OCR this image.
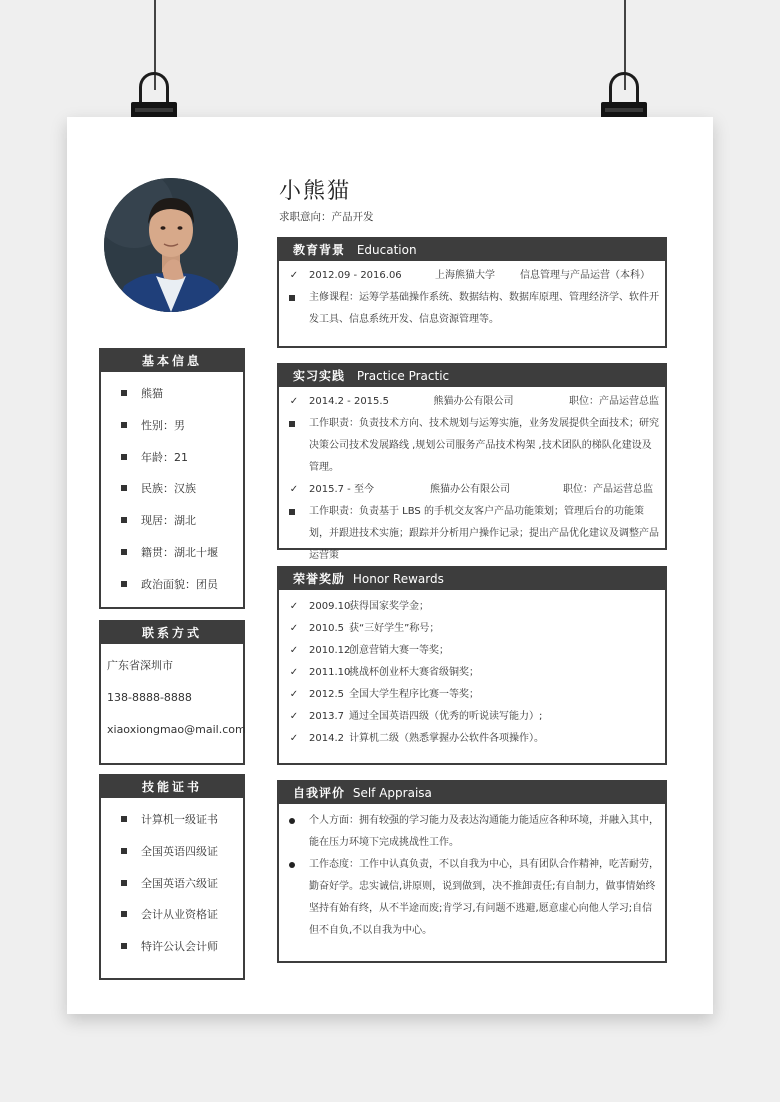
小熊猫
求职意向：产品开发
基本信息
熊猫
性别：男
年龄：21
民族：汉族
现居：湖北
籍贯：湖北十堰
政治面貌：团员
联系方式

广东省深圳市

138-8888-8888

xiaoxiongmao@mail.com

技能证书
计算机一级证书
全国英语四级证
全国英语六级证
会计从业资格证
特许公认会计师
教育背景 Education
✓ 2012.09 - 2016.06	上海熊猫大学	信息管理与产品运营（本科）
主修课程：运筹学基础操作系统、数据结构、数据库原理、管理经济学、软件开发工具、信息系统开发、信息资源管理等。
实习实践 Practice Practic
✓ 2014.2 - 2015.5	熊猫办公有限公司	职位：产品运营总监
工作职责：负责技术方向、技术规划与运筹实施，业务发展提供全面技术；研究决策公司技术发展路线 ,规划公司服务产品技术构架 ,技术团队的梯队化建设及管理。
✓ 2015.7 - 至今	熊猫办公有限公司	职位：产品运营总监
工作职责：负责基于 LBS 的手机交友客户产品功能策划；管理后台的功能策划，并跟进技术实施；跟踪并分析用户操作记录；提出产品优化建议及调整产品运营策
荣誉奖励 Honor Rewards
✓ 2009.10获得国家奖学金；
✓ 2010.5 获“三好学生”称号；
✓ 2010.12创意营销大赛一等奖；
✓ 2011.10挑战杯创业杯大赛省级铜奖；
✓ 2012.5 全国大学生程序比赛一等奖；
✓ 2013.7 通过全国英语四级（优秀的听说读写能力）;
✓ 2014.2 计算机二级（熟悉掌握办公软件各项操作）。
自我评价 Self Appraisa
个人方面：拥有较强的学习能力及表达沟通能力能适应各种环境，并融入其中，能在压力环境下完成挑战性工作。
工作态度：工作中认真负责，不以自我为中心，具有团队合作精神，吃苦耐劳，勤奋好学。忠实诚信,讲原则，说到做到，决不推卸责任;有自制力，做事情始终坚持有始有终，从不半途而废;肯学习,有问题不逃避,愿意虚心向他人学习;自信但不自负,不以自我为中心。
